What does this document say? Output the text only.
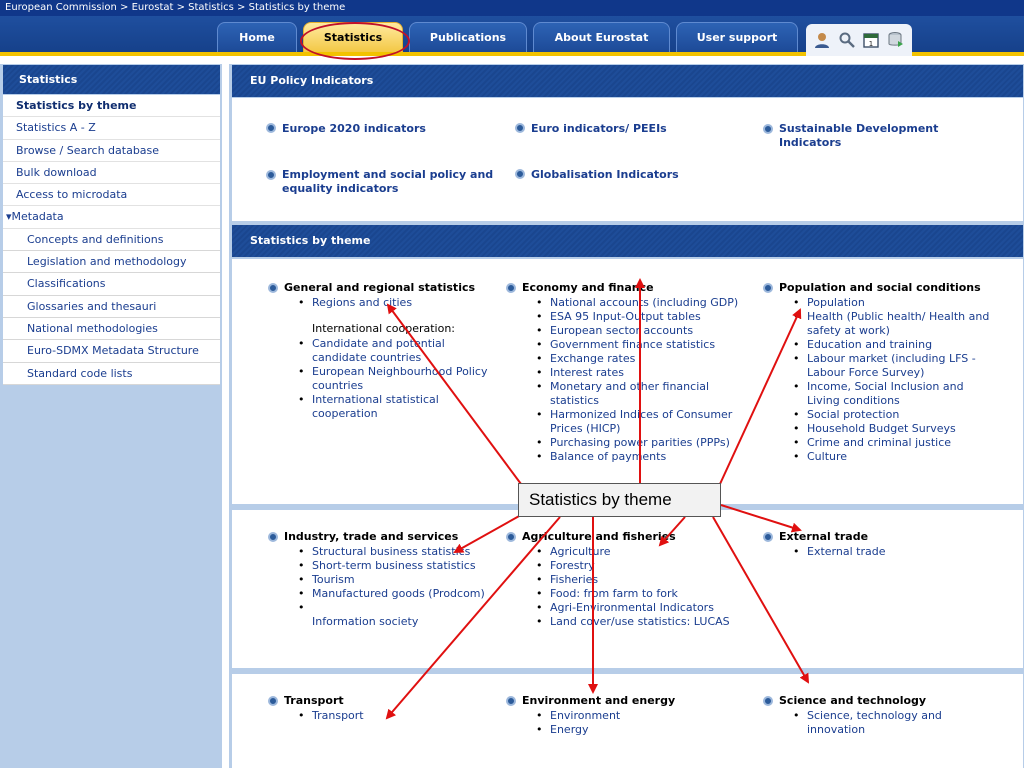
European Commission > Eurostat > Statistics > Statistics by theme
Home	Statistics	Publications	About Eurostat	User support	1
Statistics
Statistics by theme
Statistics A - Z
Browse / Search database
Bulk download
Access to microdata
▾Metadata
Concepts and definitions
Legislation and methodology
Classifications
Glossaries and thesauri
National methodologies
Euro-SDMX Metadata Structure
Standard code lists
EU Policy Indicators
Europe 2020 indicators	Euro indicators/ PEEIs	Sustainable Development Indicators
Employment and social policy and equality indicators
Globalisation Indicators
Statistics by theme
General and regional statistics
• Regions and cities
International cooperation:
• Candidate and potential candidate countries
• European Neighbourhood Policy countries
• International statistical cooperation
Economy and finance
• National accounts (including GDP)
• ESA 95 Input-Output tables
• European sector accounts
• Government finance statistics
• Exchange rates
• Interest rates
• Monetary and other financial statistics
• Harmonized Indices of Consumer Prices (HICP)
• Purchasing power parities (PPPs)
• Balance of payments
Population and social conditions
• Population
• Health (Public health/ Health and safety at work)
• Education and training
• Labour market (including LFS - Labour Force Survey)
• Income, Social Inclusion and Living conditions
• Social protection
• Household Budget Surveys
• Crime and criminal justice
• Culture
Industry, trade and services
• Structural business statistics
• Short-term business statistics
• Tourism
• Manufactured goods (Prodcom)
•
Information society
Agriculture and fisheries
• Agriculture
• Forestry
• Fisheries
• Food: from farm to fork
• Agri-Environmental Indicators
• Land cover/use statistics: LUCAS
External trade
• External trade
Transport
• Transport
Environment and energy
• Environment
• Energy
Science and technology
• Science, technology and innovation
Statistics by theme
